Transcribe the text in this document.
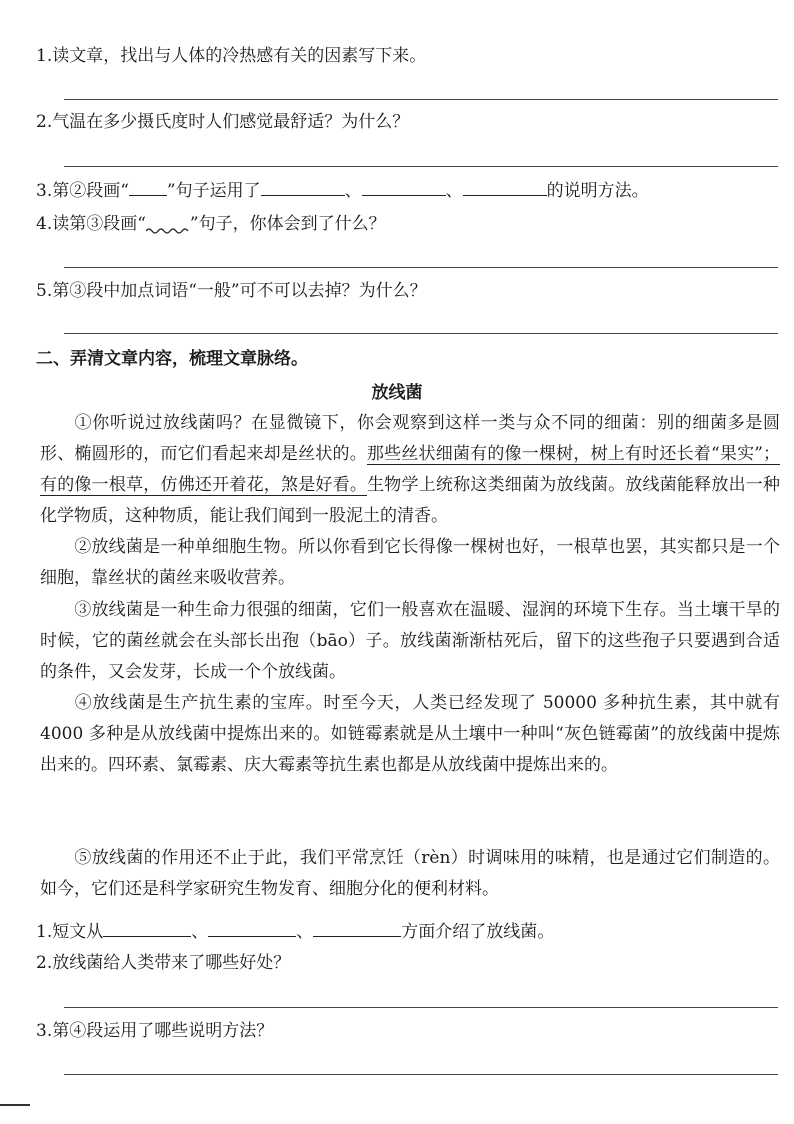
1.读文章，找出与人体的冷热感有关的因素写下来。
2.气温在多少摄氏度时人们感觉最舒适？为什么？
3.第②段画“ ”句子运用了	、	、	的说明方法。
4.读第③段画“	”句子，你体会到了什么？
5.第③段中加点词语“一般”可不可以去掉？为什么？
二、弄清文章内容，梳理文章脉络。
放线菌
①你听说过放线菌吗？在显微镜下，你会观察到这样一类与众不同的细菌：别的细菌多是圆形、椭圆形的，而它们看起来却是丝状的。那些丝状细菌有的像一棵树，树上有时还长着“果实”；有的像一根草，仿佛还开着花，煞是好看。生物学上统称这类细菌为放线菌。放线菌能释放出一种化学物质，这种物质，能让我们闻到一股泥土的清香。
②放线菌是一种单细胞生物。所以你看到它长得像一棵树也好，一根草也罢，其实都只是一个细胞，靠丝状的菌丝来吸收营养。
③放线菌是一种生命力很强的细菌，它们一般喜欢在温暖、湿润的环境下生存。当土壤干旱的时候，它的菌丝就会在头部长出孢（bāo）子。放线菌渐渐枯死后，留下的这些孢子只要遇到合适的条件，又会发芽，长成一个个放线菌。
④放线菌是生产抗生素的宝库。时至今天，人类已经发现了 50000 多种抗生素，其中就有 4000 多种是从放线菌中提炼出来的。如链霉素就是从土壤中一种叫“灰色链霉菌”的放线菌中提炼出来的。四环素、氯霉素、庆大霉素等抗生素也都是从放线菌中提炼出来的。
⑤放线菌的作用还不止于此，我们平常烹饪（rèn）时调味用的味精，也是通过它们制造的。如今，它们还是科学家研究生物发育、细胞分化的便利材料。
1.短文从	、	、	方面介绍了放线菌。
2.放线菌给人类带来了哪些好处？
3.第④段运用了哪些说明方法？
